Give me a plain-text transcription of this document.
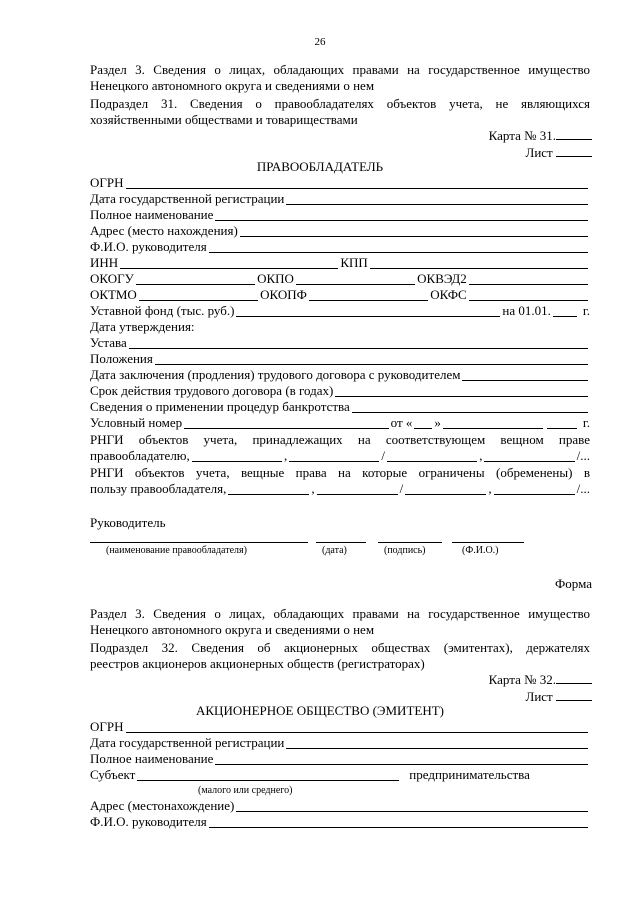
26
Раздел 3. Сведения о лицах, обладающих правами на государственное имущество
Ненецкого автономного округа и сведениями о нем
Подраздел 31. Сведения о правообладателях объектов учета, не являющихся
хозяйственными обществами и товариществами
Карта № 31.
Лист
ПРАВООБЛАДАТЕЛЬ
ОГРН
Дата государственной регистрации
Полное наименование
Адрес (место нахождения)
Ф.И.О. руководителя
ИНН	КПП
ОКОГУ	ОКПО	ОКВЭД2
ОКТМО	ОКОПФ	ОКФС
Уставной фонд (тыс. руб.)	на 01.01. г.
Дата утверждения:
Устава
Положения
Дата заключения (продления) трудового договора с руководителем
Срок действия трудового договора (в годах)
Сведения о применении процедур банкротства
Условный номер	от « »	г.
РНГИ объектов учета, принадлежащих на соответствующем вещном праве
правообладателю,	,	/	,	/...
РНГИ объектов учета, вещные права на которые ограничены (обременены) в
пользу правообладателя,	,	/	,	/...
Руководитель
(наименование правообладателя)	(дата)	(подпись)	(Ф.И.О.)
Форма
Раздел 3. Сведения о лицах, обладающих правами на государственное имущество
Ненецкого автономного округа и сведениями о нем
Подраздел 32. Сведения об акционерных обществах (эмитентах), держателях
реестров акционеров акционерных обществ (регистраторах)
Карта № 32.
Лист
АКЦИОНЕРНОЕ ОБЩЕСТВО (ЭМИТЕНТ)
ОГРН
Дата государственной регистрации
Полное наименование
Субъект	предпринимательства
(малого или среднего)
Адрес (местонахождение)
Ф.И.О. руководителя
